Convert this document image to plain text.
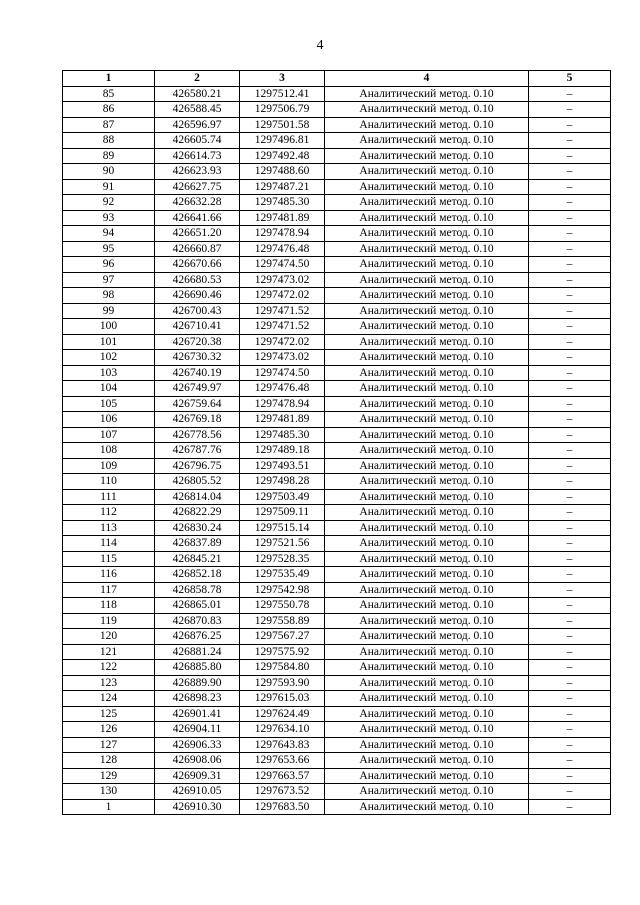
4
1	2	3	4	5
85	426580.21	1297512.41	Аналитический метод. 0.10	–
86	426588.45	1297506.79	Аналитический метод. 0.10	–
87	426596.97	1297501.58	Аналитический метод. 0.10	–
88	426605.74	1297496.81	Аналитический метод. 0.10	–
89	426614.73	1297492.48	Аналитический метод. 0.10	–
90	426623.93	1297488.60	Аналитический метод. 0.10	–
91	426627.75	1297487.21	Аналитический метод. 0.10	–
92	426632.28	1297485.30	Аналитический метод. 0.10	–
93	426641.66	1297481.89	Аналитический метод. 0.10	–
94	426651.20	1297478.94	Аналитический метод. 0.10	–
95	426660.87	1297476.48	Аналитический метод. 0.10	–
96	426670.66	1297474.50	Аналитический метод. 0.10	–
97	426680.53	1297473.02	Аналитический метод. 0.10	–
98	426690.46	1297472.02	Аналитический метод. 0.10	–
99	426700.43	1297471.52	Аналитический метод. 0.10	–
100	426710.41	1297471.52	Аналитический метод. 0.10	–
101	426720.38	1297472.02	Аналитический метод. 0.10	–
102	426730.32	1297473.02	Аналитический метод. 0.10	–
103	426740.19	1297474.50	Аналитический метод. 0.10	–
104	426749.97	1297476.48	Аналитический метод. 0.10	–
105	426759.64	1297478.94	Аналитический метод. 0.10	–
106	426769.18	1297481.89	Аналитический метод. 0.10	–
107	426778.56	1297485.30	Аналитический метод. 0.10	–
108	426787.76	1297489.18	Аналитический метод. 0.10	–
109	426796.75	1297493.51	Аналитический метод. 0.10	–
110	426805.52	1297498.28	Аналитический метод. 0.10	–
111	426814.04	1297503.49	Аналитический метод. 0.10	–
112	426822.29	1297509.11	Аналитический метод. 0.10	–
113	426830.24	1297515.14	Аналитический метод. 0.10	–
114	426837.89	1297521.56	Аналитический метод. 0.10	–
115	426845.21	1297528.35	Аналитический метод. 0.10	–
116	426852.18	1297535.49	Аналитический метод. 0.10	–
117	426858.78	1297542.98	Аналитический метод. 0.10	–
118	426865.01	1297550.78	Аналитический метод. 0.10	–
119	426870.83	1297558.89	Аналитический метод. 0.10	–
120	426876.25	1297567.27	Аналитический метод. 0.10	–
121	426881.24	1297575.92	Аналитический метод. 0.10	–
122	426885.80	1297584.80	Аналитический метод. 0.10	–
123	426889.90	1297593.90	Аналитический метод. 0.10	–
124	426898.23	1297615.03	Аналитический метод. 0.10	–
125	426901.41	1297624.49	Аналитический метод. 0.10	–
126	426904.11	1297634.10	Аналитический метод. 0.10	–
127	426906.33	1297643.83	Аналитический метод. 0.10	–
128	426908.06	1297653.66	Аналитический метод. 0.10	–
129	426909.31	1297663.57	Аналитический метод. 0.10	–
130	426910.05	1297673.52	Аналитический метод. 0.10	–
1	426910.30	1297683.50	Аналитический метод. 0.10	–
